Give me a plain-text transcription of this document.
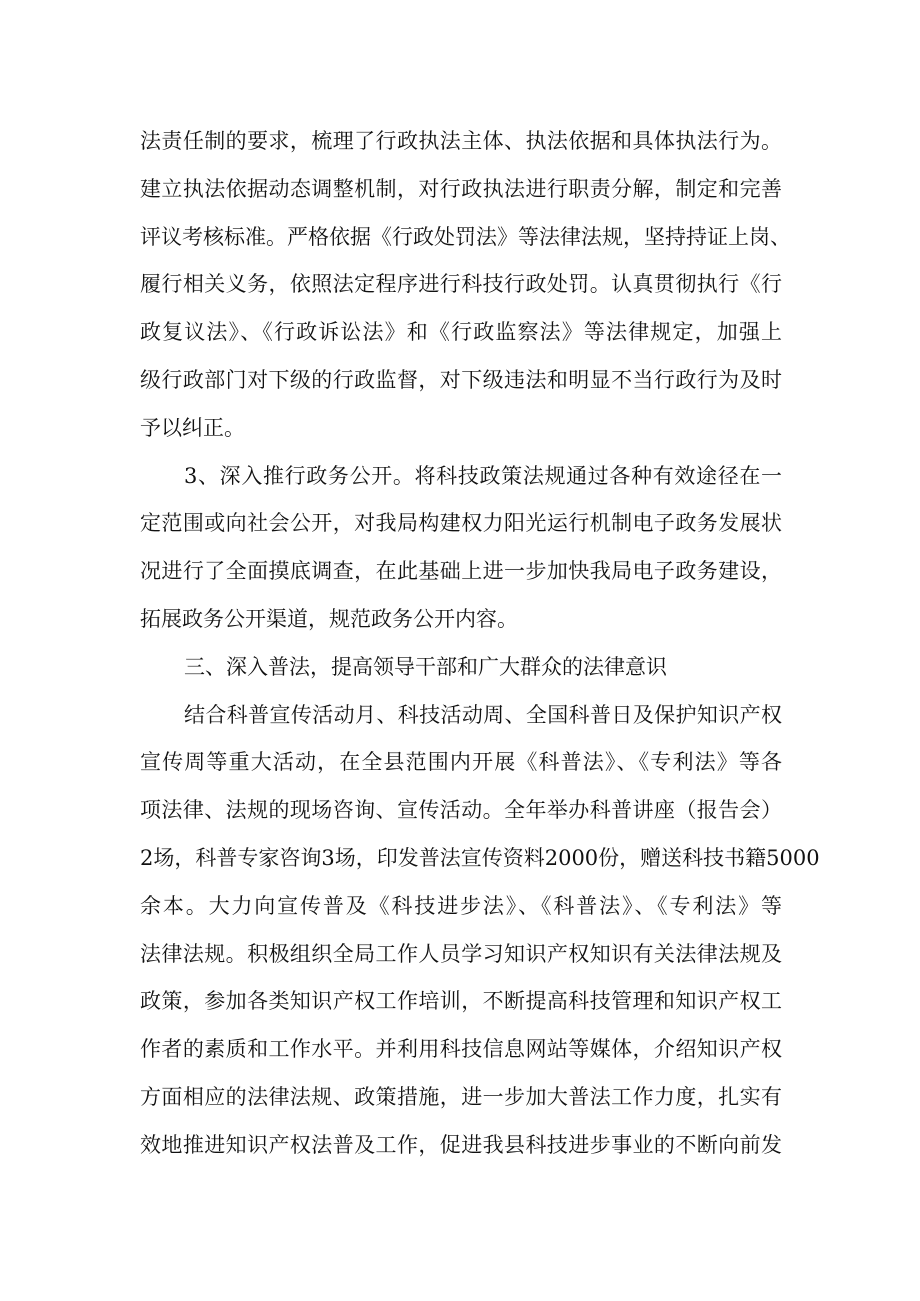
法责任制的要求，梳理了行政执法主体、执法依据和具体执法行为。
建立执法依据动态调整机制，对行政执法进行职责分解，制定和完善
评议考核标准。严格依据《行政处罚法》等法律法规，坚持持证上岗、
履行相关义务，依照法定程序进行科技行政处罚。认真贯彻执行《行
政复议法》、《行政诉讼法》和《行政监察法》等法律规定，加强上
级行政部门对下级的行政监督，对下级违法和明显不当行政行为及时
予以纠正。
3、深入推行政务公开。将科技政策法规通过各种有效途径在一
定范围或向社会公开，对我局构建权力阳光运行机制电子政务发展状
况进行了全面摸底调查，在此基础上进一步加快我局电子政务建设，
拓展政务公开渠道，规范政务公开内容。
三、深入普法，提高领导干部和广大群众的法律意识
结合科普宣传活动月、科技活动周、全国科普日及保护知识产权
宣传周等重大活动，在全县范围内开展《科普法》、《专利法》等各
项法律、法规的现场咨询、宣传活动。全年举办科普讲座（报告会）
2场，科普专家咨询3场，印发普法宣传资料2000份，赠送科技书籍5000
余本。大力向宣传普及《科技进步法》、《科普法》、《专利法》等
法律法规。积极组织全局工作人员学习知识产权知识有关法律法规及
政策，参加各类知识产权工作培训，不断提高科技管理和知识产权工
作者的素质和工作水平。并利用科技信息网站等媒体，介绍知识产权
方面相应的法律法规、政策措施，进一步加大普法工作力度，扎实有
效地推进知识产权法普及工作，促进我县科技进步事业的不断向前发
